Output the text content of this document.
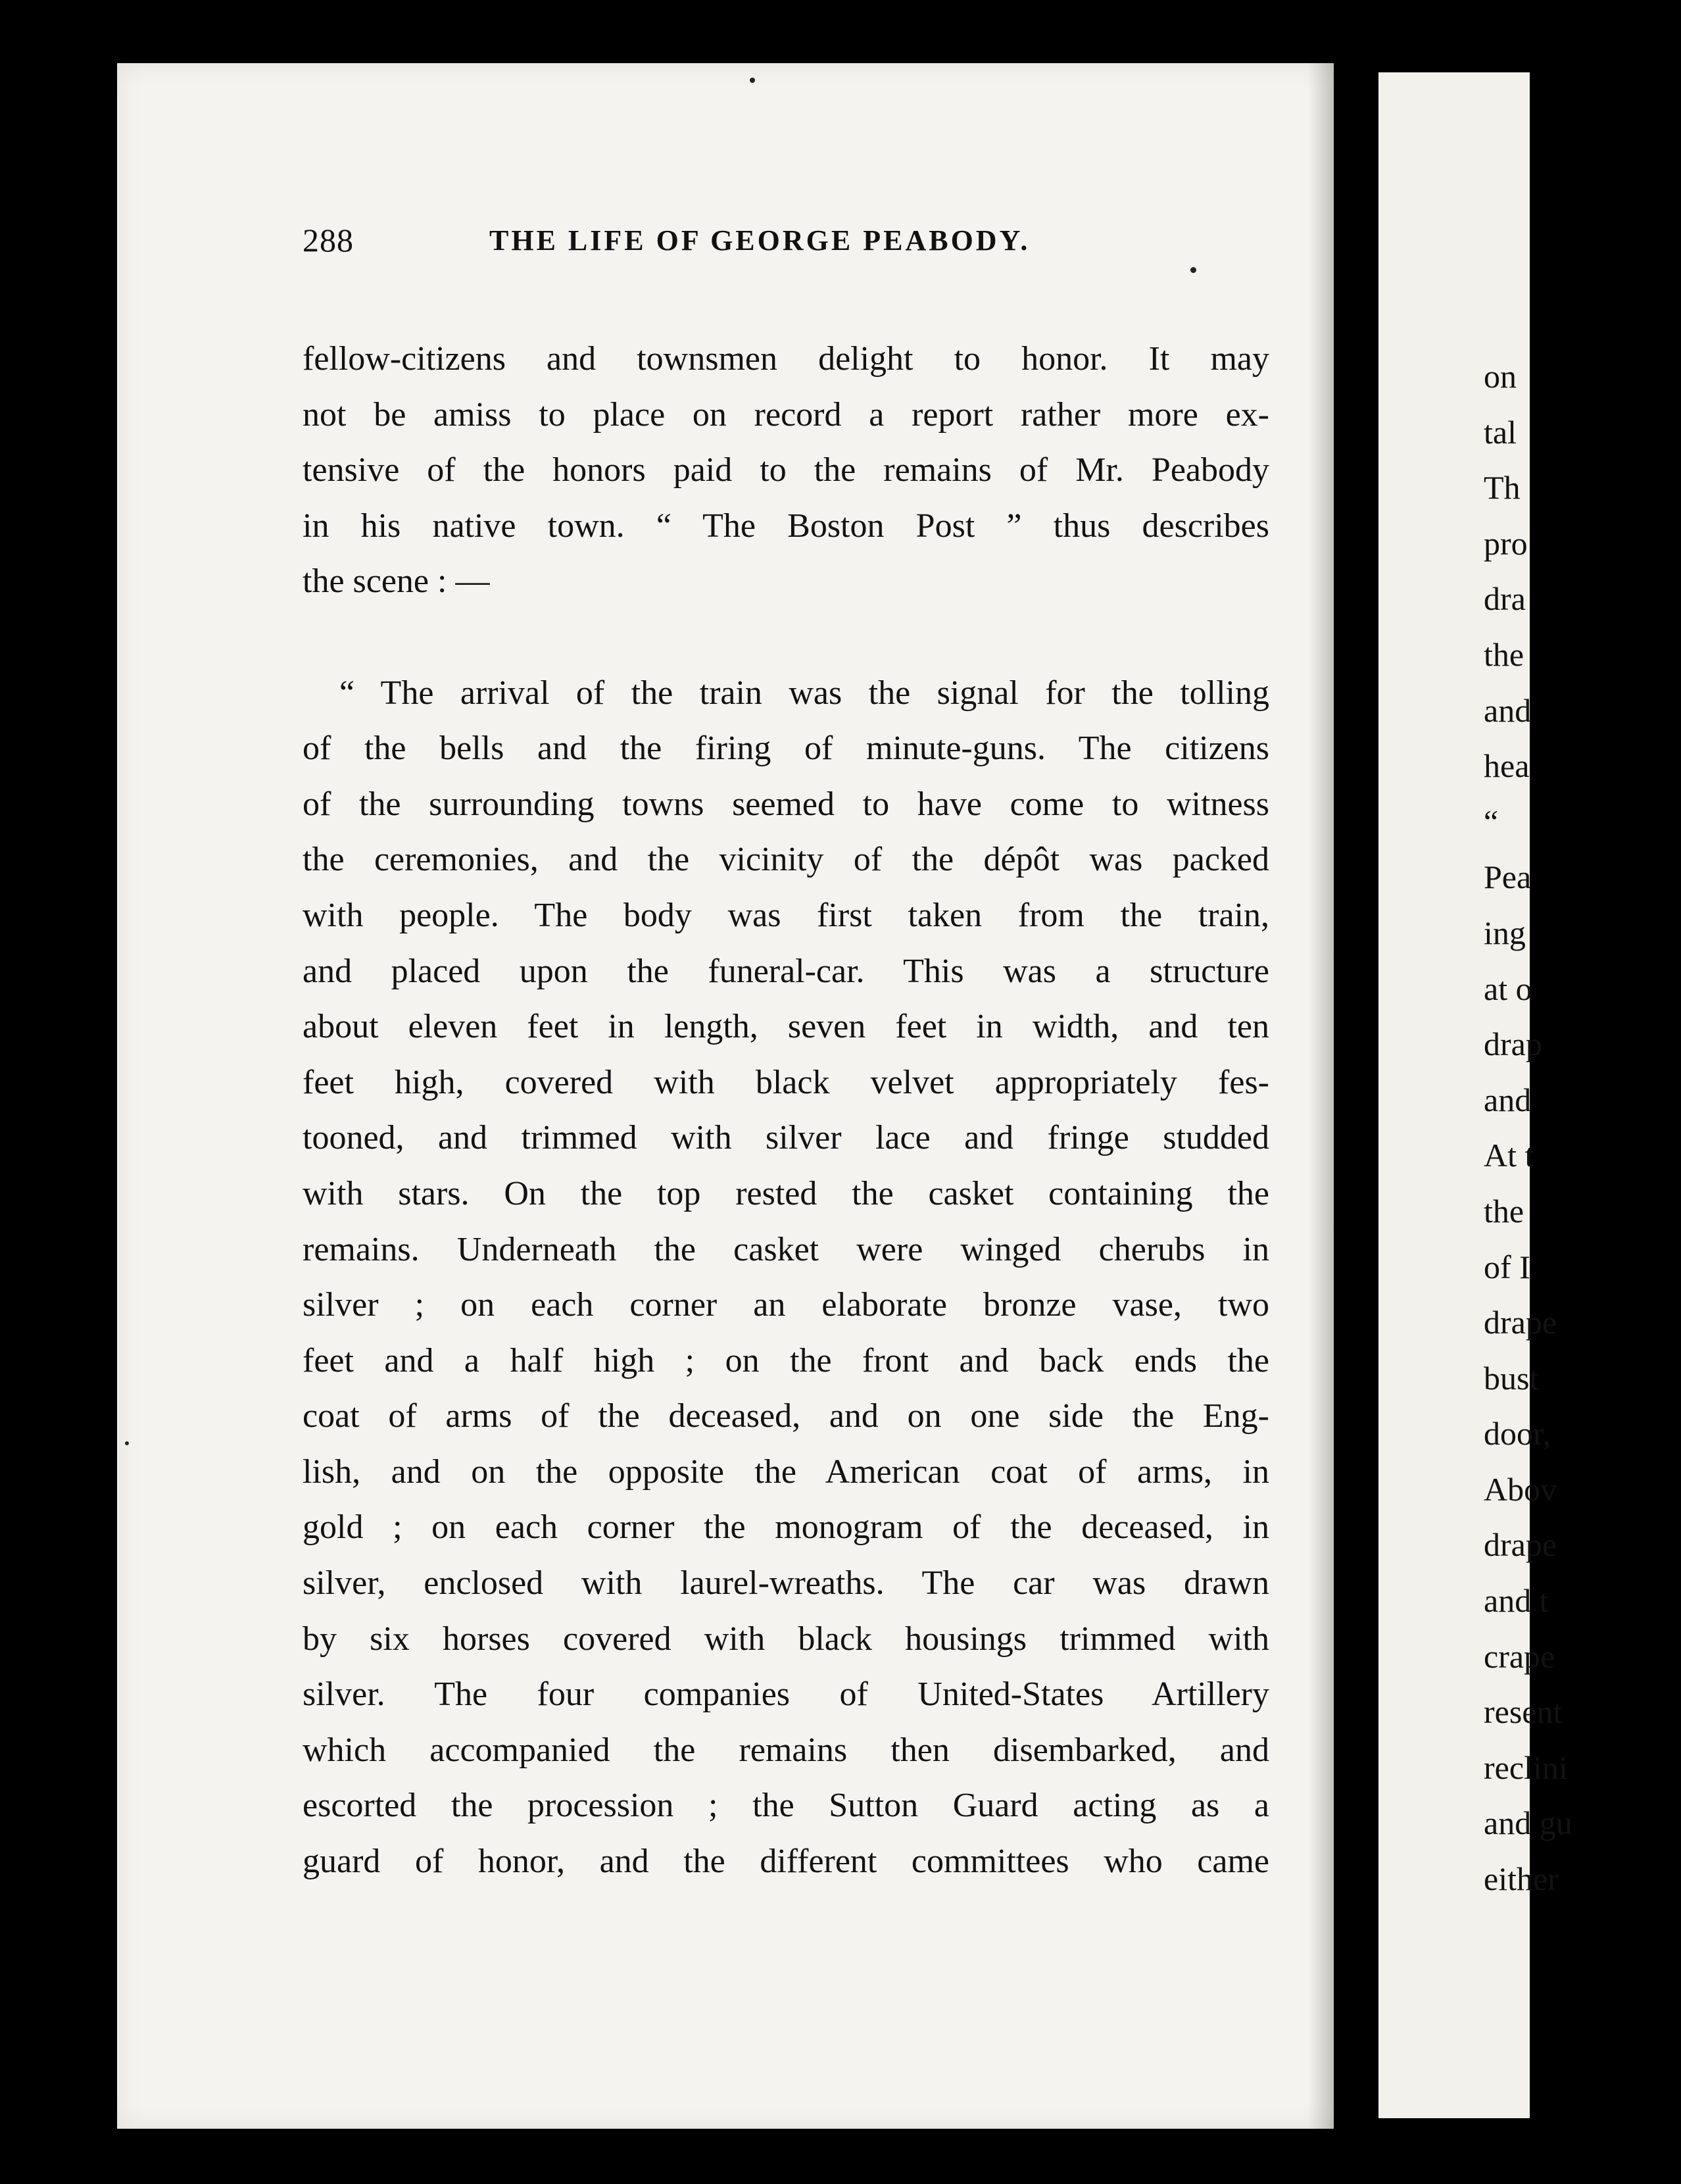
288	THE LIFE OF GEORGE PEABODY.
fellow-citizens and townsmen delight to honor. It may
not be amiss to place on record a report rather more ex-
tensive of the honors paid to the remains of Mr. Peabody
in his native town. “ The Boston Post ” thus describes
the scene : —
“ The arrival of the train was the signal for the tolling
of the bells and the firing of minute-guns. The citizens
of the surrounding towns seemed to have come to witness
the ceremonies, and the vicinity of the dépôt was packed
with people. The body was first taken from the train,
and placed upon the funeral-car. This was a structure
about eleven feet in length, seven feet in width, and ten
feet high, covered with black velvet appropriately fes-
tooned, and trimmed with silver lace and fringe studded
with stars. On the top rested the casket containing the
remains. Underneath the casket were winged cherubs in
silver ; on each corner an elaborate bronze vase, two
feet and a half high ; on the front and back ends the
coat of arms of the deceased, and on one side the Eng-
lish, and on the opposite the American coat of arms, in
gold ; on each corner the monogram of the deceased, in
silver, enclosed with laurel-wreaths. The car was drawn
by six horses covered with black housings trimmed with
silver. The four companies of United-States Artillery
which accompanied the remains then disembarked, and
escorted the procession ; the Sutton Guard acting as a
guard of honor, and the different committees who came
on
tal
Th
pro
dra
the
and
hea
“
Pea
ing
at o
drap
and
At t
the
of I
drape
bust
door,
Abov
drape
and t
crape
resent
reclini
and gu
either
